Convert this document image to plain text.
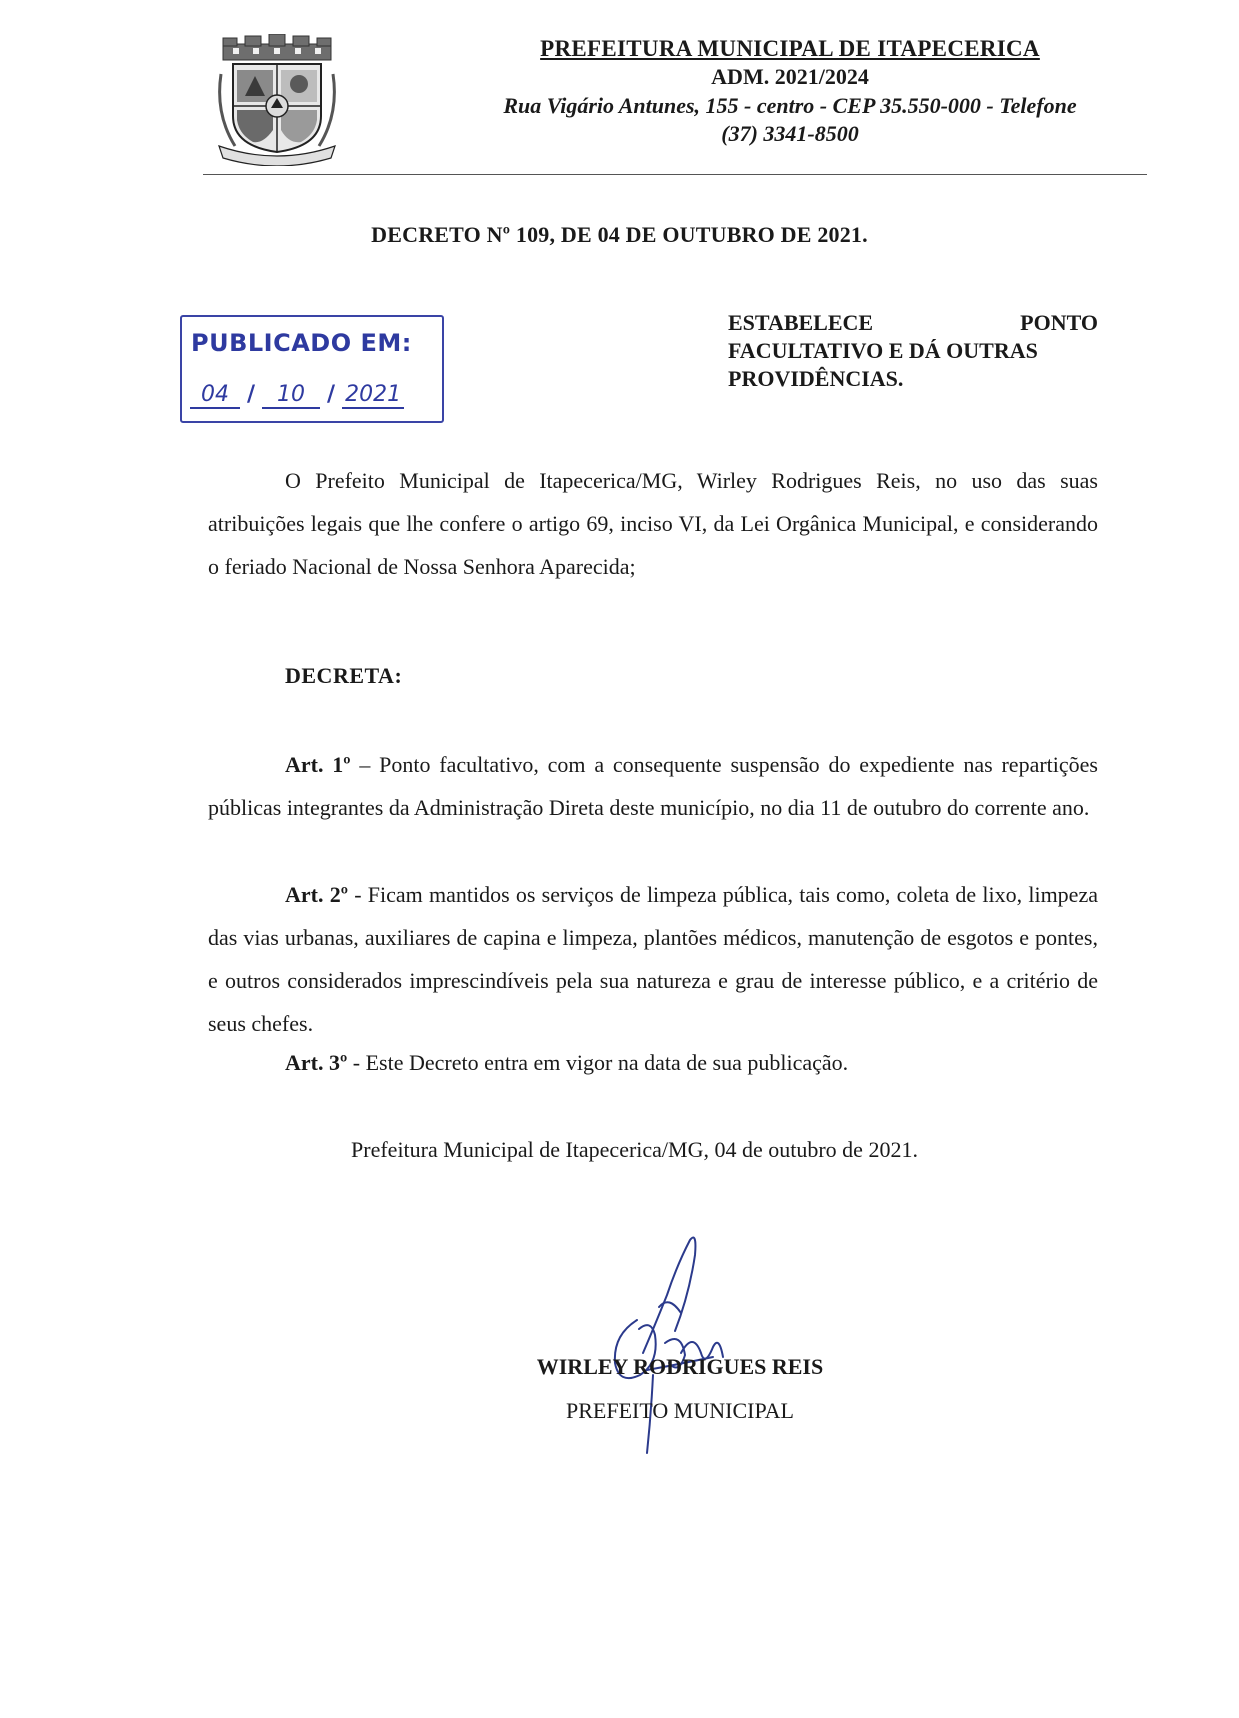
PREFEITURA MUNICIPAL DE ITAPECERICA
ADM. 2021/2024
Rua Vigário Antunes, 155 - centro - CEP 35.550-000 - Telefone
(37) 3341-8500
DECRETO Nº 109, DE 04 DE OUTUBRO DE 2021.
PUBLICADO EM:
04 / 10 / 2021
ESTABELECE	PONTO
FACULTATIVO E DÁ OUTRAS
PROVIDÊNCIAS.
O Prefeito Municipal de Itapecerica/MG, Wirley Rodrigues Reis, no uso das suas atribuições legais que lhe confere o artigo 69, inciso VI, da Lei Orgânica Municipal, e considerando o feriado Nacional de Nossa Senhora Aparecida;
DECRETA:
Art. 1º – Ponto facultativo, com a consequente suspensão do expediente nas repartições públicas integrantes da Administração Direta deste município, no dia 11 de outubro do corrente ano.
Art. 2º - Ficam mantidos os serviços de limpeza pública, tais como, coleta de lixo, limpeza das vias urbanas, auxiliares de capina e limpeza, plantões médicos, manutenção de esgotos e pontes, e outros considerados imprescindíveis pela sua natureza e grau de interesse público, e a critério de seus chefes.
Art. 3º - Este Decreto entra em vigor na data de sua publicação.
Prefeitura Municipal de Itapecerica/MG, 04 de outubro de 2021.
WIRLEY RODRIGUES REIS
PREFEITO MUNICIPAL
